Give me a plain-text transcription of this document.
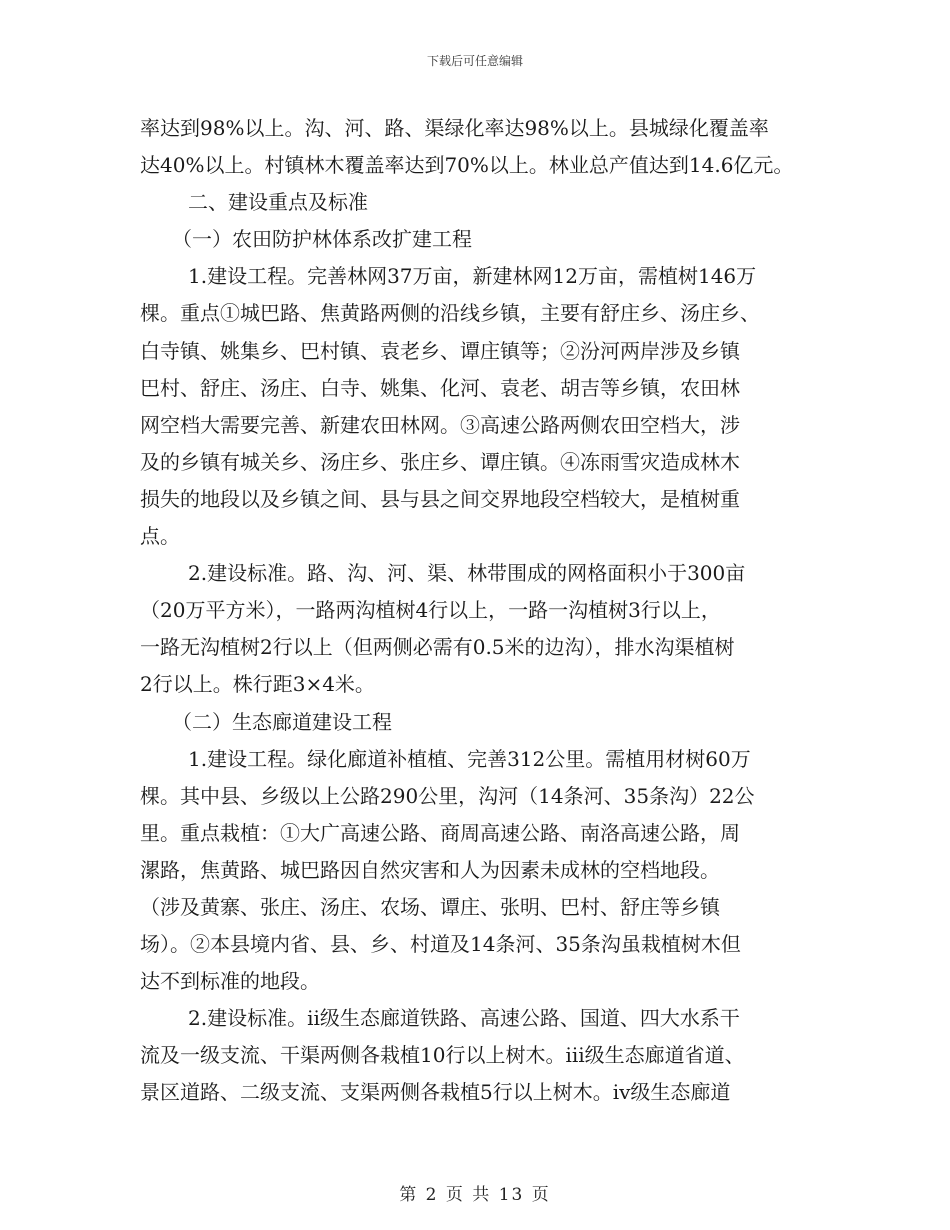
下载后可任意编辑
率达到98%以上。沟、河、路、渠绿化率达98%以上。县城绿化覆盖率
达40%以上。村镇林木覆盖率达到70%以上。林业总产值达到14.6亿元。
二、建设重点及标准
（一）农田防护林体系改扩建工程
1.建设工程。完善林网37万亩，新建林网12万亩，需植树146万
棵。重点①城巴路、焦黄路两侧的沿线乡镇，主要有舒庄乡、汤庄乡、
白寺镇、姚集乡、巴村镇、袁老乡、谭庄镇等；②汾河两岸涉及乡镇
巴村、舒庄、汤庄、白寺、姚集、化河、袁老、胡吉等乡镇，农田林
网空档大需要完善、新建农田林网。③高速公路两侧农田空档大，涉
及的乡镇有城关乡、汤庄乡、张庄乡、谭庄镇。④冻雨雪灾造成林木
损失的地段以及乡镇之间、县与县之间交界地段空档较大，是植树重
点。
2.建设标准。路、沟、河、渠、林带围成的网格面积小于300亩
（20万平方米），一路两沟植树4行以上，一路一沟植树3行以上，
一路无沟植树2行以上（但两侧必需有0.5米的边沟），排水沟渠植树
2行以上。株行距3×4米。
（二）生态廊道建设工程
1.建设工程。绿化廊道补植植、完善312公里。需植用材树60万
棵。其中县、乡级以上公路290公里，沟河（14条河、35条沟）22公
里。重点栽植：①大广高速公路、商周高速公路、南洛高速公路，周
漯路，焦黄路、城巴路因自然灾害和人为因素未成林的空档地段。
（涉及黄寨、张庄、汤庄、农场、谭庄、张明、巴村、舒庄等乡镇
场）。②本县境内省、县、乡、村道及14条河、35条沟虽栽植树木但
达不到标准的地段。
2.建设标准。ⅱ级生态廊道铁路、高速公路、国道、四大水系干
流及一级支流、干渠两侧各栽植10行以上树木。ⅲ级生态廊道省道、
景区道路、二级支流、支渠两侧各栽植5行以上树木。ⅳ级生态廊道
第 2 页 共 13 页
